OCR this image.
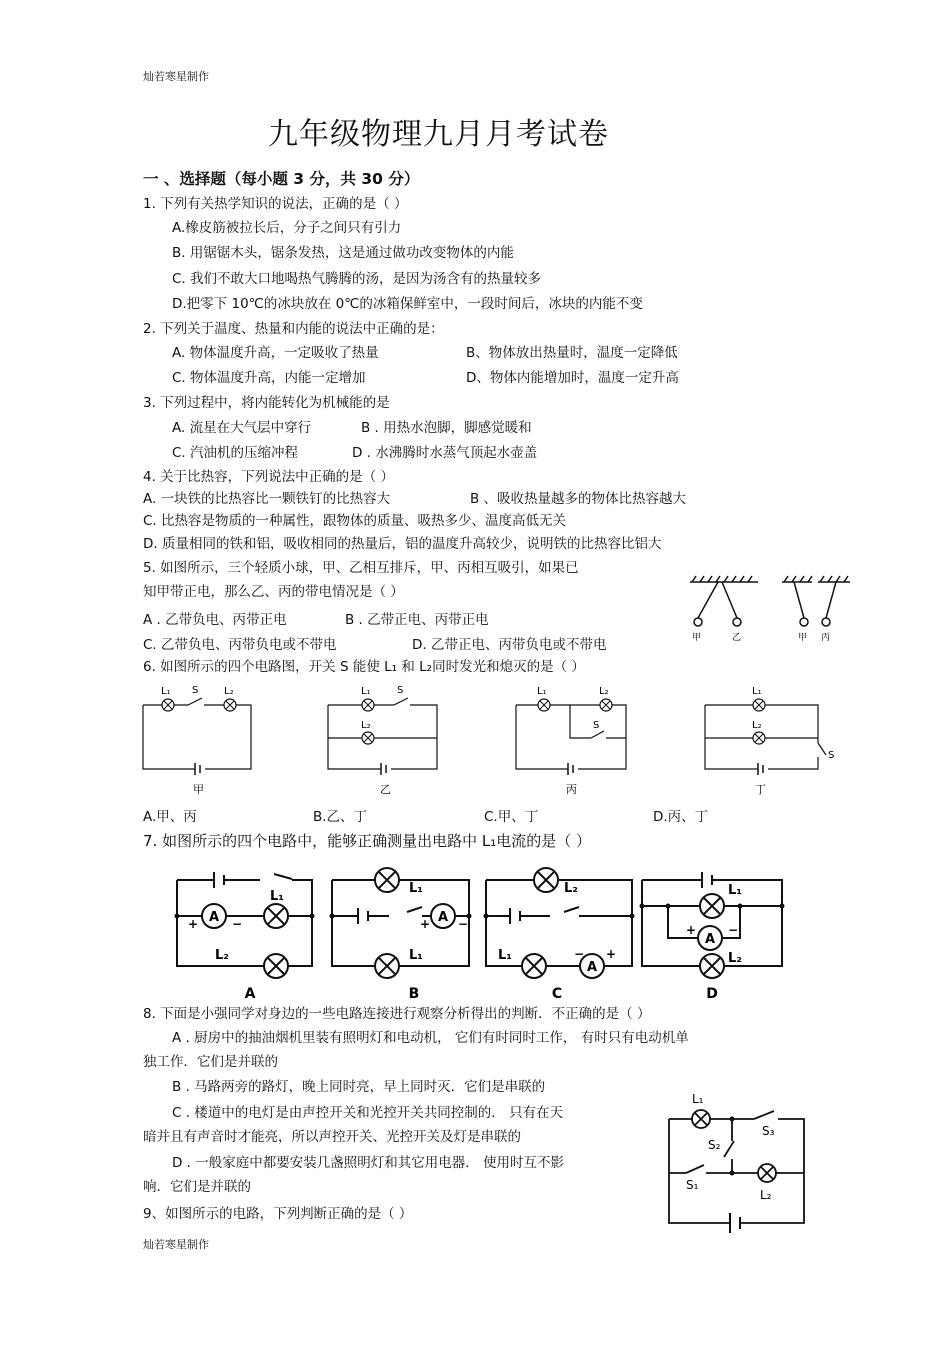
灿若寒星制作
九年级物理九月月考试卷
一 、选择题（每小题 3 分，共 30 分）
1. 下列有关热学知识的说法，正确的是（ ）
A.橡皮筋被拉长后，分子之间只有引力
B. 用锯锯木头，锯条发热，这是通过做功改变物体的内能
C. 我们不敢大口地喝热气腾腾的汤，是因为汤含有的热量较多
D.把零下 10℃的冰块放在 0℃的冰箱保鲜室中，一段时间后，冰块的内能不变
2. 下列关于温度、热量和内能的说法中正确的是：
A. 物体温度升高，一定吸收了热量	B、物体放出热量时，温度一定降低
C. 物体温度升高，内能一定增加	D、物体内能增加时，温度一定升高
3. 下列过程中，将内能转化为机械能的是
A. 流星在大气层中穿行	B . 用热水泡脚，脚感觉暖和
C. 汽油机的压缩冲程	D . 水沸腾时水蒸气顶起水壶盖
4. 关于比热容，下列说法中正确的是（ ）
A. 一块铁的比热容比一颗铁钉的比热容大	B 、吸收热量越多的物体比热容越大
C. 比热容是物质的一种属性，跟物体的质量、吸热多少、温度高低无关
D. 质量相同的铁和铝，吸收相同的热量后，铝的温度升高较少，说明铁的比热容比铝大
5. 如图所示，三个轻质小球，甲、乙相互排斥，甲、丙相互吸引，如果已
知甲带正电，那么乙、丙的带电情况是（ ）
A . 乙带负电、丙带正电	B . 乙带正电、丙带正电
C. 乙带负电、丙带负电或不带电	D. 乙带正电、丙带负电或不带电	甲	乙	甲 丙
6. 如图所示的四个电路图，开关 S 能使 L₁ 和 L₂同时发光和熄灭的是（ ）
L₁ S	L₂	L₁	S
L₂
L₁	L₂
S
L₁
L₂
S
甲	乙	丙	丁
A.甲、丙	B.乙、丁	C.甲、丁	D.丙、丁
7. 如图所示的四个电路中，能够正确测量出电路中 L₁电流的是（ ）
A	A
A
A
L₁
L₂
L₁
L₁
L₂
L₁
L₁
L₂
+	−	+ −
− +
+	−
A	B	C	D
8. 下面是小强同学对身边的一些电路连接进行观察分析得出的判断．不正确的是（ ）
A . 厨房中的抽油烟机里装有照明灯和电动机， 它们有时同时工作， 有时只有电动机单
独工作．它们是并联的
B . 马路两旁的路灯，晚上同时亮，早上同时灭．它们是串联的
C . 楼道中的电灯是由声控开关和光控开关共同控制的． 只有在天
暗并且有声音时才能亮，所以声控开关、光控开关及灯是串联的
D . 一般家庭中都要安装几盏照明灯和其它用电器． 使用时互不影
响．它们是并联的
L₁
S₃
S₂
S₁
L₂
9、如图所示的电路，下列判断正确的是（ ）
灿若寒星制作
